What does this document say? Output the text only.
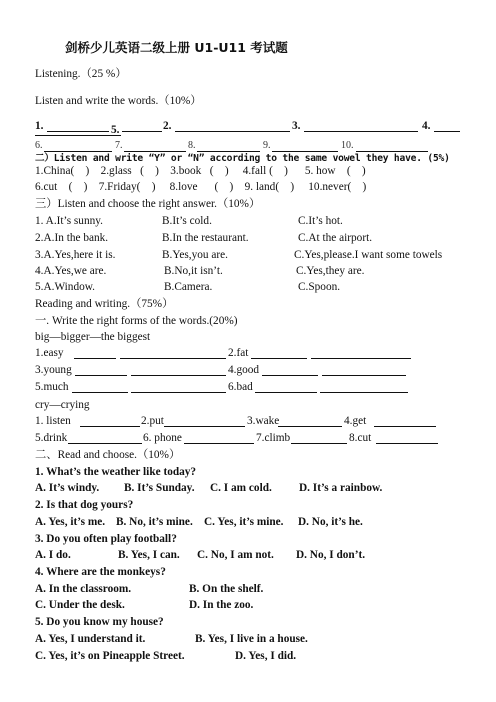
剑桥少儿英语二级上册 U1-U11 考试题
Listening.（25 %）
Listen and write the words.（10%）
1.	5.	2.	3.	4.
6.	7.	8.	9.	10.
二）Listen and write “Y” or “N” according to the same vowel they have. (5%)
1.China(    )    2.glass   (    )    3.book   (    )     4.fall (    )      5. how    (    )
6.cut    (    )    7.Friday(    )     8.love      (    )    9. land(    )     10.never(    )
三）Listen and choose the right answer.（10%）
1. A.It’s sunny.	B.It’s cold.	C.It’s hot.
2.A.In the bank.	B.In the restaurant.	C.At the airport.
3.A.Yes,here it is.	B.Yes,you are.	C.Yes,please.I want some towels
4.A.Yes,we are.	B.No,it isn’t.	C.Yes,they are.
5.A.Window.	B.Camera.	C.Spoon.
Reading and writing.（75%）
一. Write the right forms of the words.(20%)
big—bigger—the biggest
1.easy	2.fat
3.young	4.good
5.much	6.bad
cry—crying
1. listen	2.put	3.wake	4.get
5.drink	6. phone	7.climb	8.cut
二、Read and choose.（10%）
1. What’s the weather like today?
A. It’s windy. B. It’s Sunday. C. I am cold. D. It’s a rainbow.
2. Is that dog yours?
A. Yes, it’s me. B. No, it’s mine. C. Yes, it’s mine. D. No, it’s he.
3. Do you often play football?
A. I do.	B. Yes, I can. C. No, I am not. D. No, I don’t.
4. Where are the monkeys?
A. In the classroom.	B. On the shelf.
C. Under the desk.	D. In the zoo.
5. Do you know my house?
A. Yes, I understand it.	B. Yes, I live in a house.
C. Yes, it’s on Pineapple Street.	D. Yes, I did.
